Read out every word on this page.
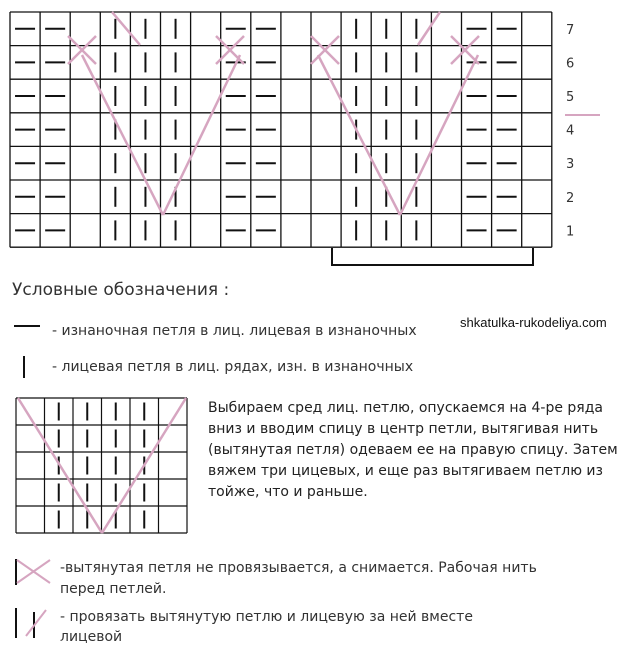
7
6
5
4
3
2
1
Условные обозначения :
- изнаночная петля в лиц. лицевая в изнаночных
shkatulka-rukodeliya.com
- лицевая петля в лиц. рядах, изн. в изнаночных
Выбираем сред лиц. петлю, опускаемся на 4-ре ряда вниз и вводим спицу в центр петли, вытягивая нить (вытянутая петля) одеваем ее на правую спицу. Затем вяжем три цицевых, и еще раз вытягиваем петлю из тойже, что и раньше.
-вытянутая петля не провязывается, а снимается. Рабочая нить
перед петлей.
- провязать вытянутую петлю и лицевую за ней вместе
лицевой
